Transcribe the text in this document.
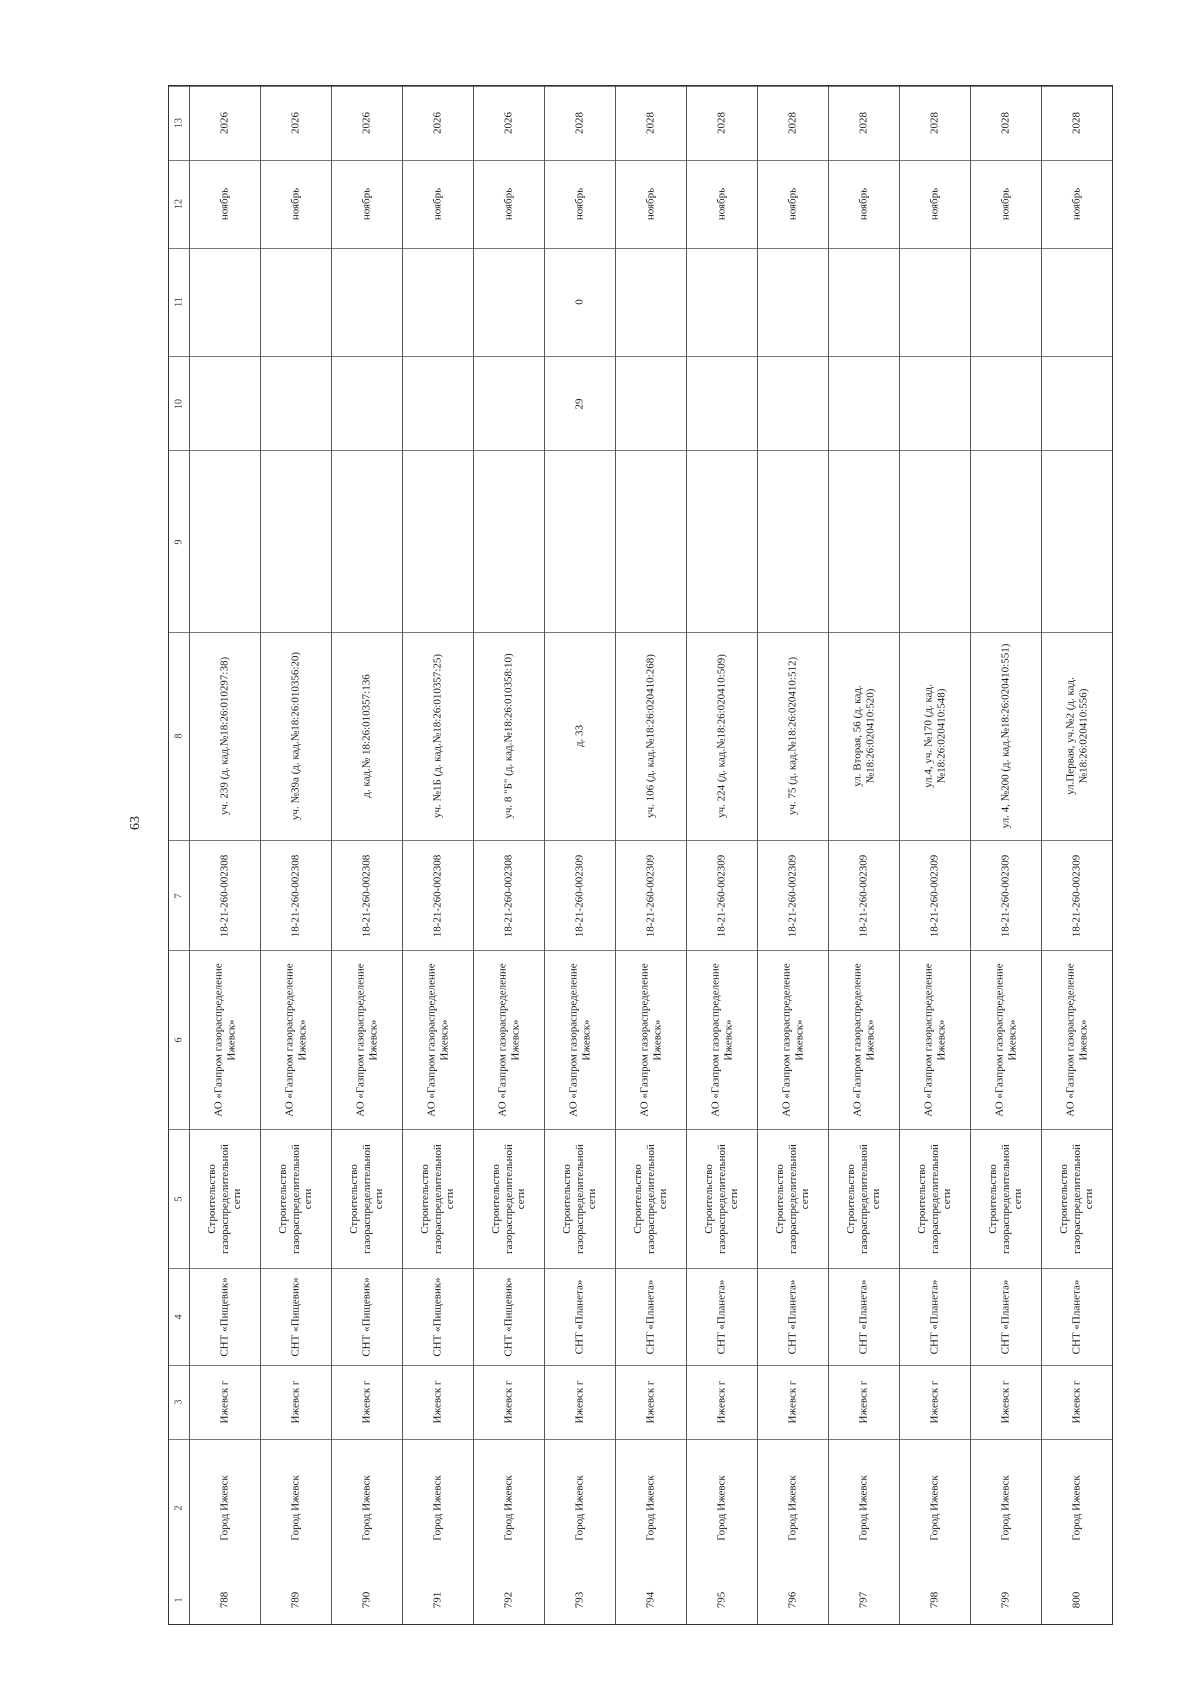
63
1
2
3
4
5
6
7
8
9
10
11
12
13
788
Город Ижевск
Ижевск г
СНТ «Пищевик»
Строительство газораспределительной сети
АО «Газпром газораспределение Ижевск»
18-21-260-002308
уч. 239 (д. кад.№18:26:010297:38)
ноябрь
2026
789
Город Ижевск
Ижевск г
СНТ «Пищевик»
Строительство газораспределительной сети
АО «Газпром газораспределение Ижевск»
18-21-260-002308
уч. №39а (д. кад.№18:26:010356:20)
ноябрь
2026
790
Город Ижевск
Ижевск г
СНТ «Пищевик»
Строительство газораспределительной сети
АО «Газпром газораспределение Ижевск»
18-21-260-002308
д. кад.№ 18:26:010357:136
ноябрь
2026
791
Город Ижевск
Ижевск г
СНТ «Пищевик»
Строительство газораспределительной сети
АО «Газпром газораспределение Ижевск»
18-21-260-002308
уч. №1Б (д. кад.№18:26:010357:25)
ноябрь
2026
792
Город Ижевск
Ижевск г
СНТ «Пищевик»
Строительство газораспределительной сети
АО «Газпром газораспределение Ижевск»
18-21-260-002308
уч. 8 "Б" (д. кад.№18:26:010358:10)
ноябрь
2026
793
Город Ижевск
Ижевск г
СНТ «Планета»
Строительство газораспределительной сети
АО «Газпром газораспределение Ижевск»
18-21-260-002309
д. 33
29
0
ноябрь
2028
794
Город Ижевск
Ижевск г
СНТ «Планета»
Строительство газораспределительной сети
АО «Газпром газораспределение Ижевск»
18-21-260-002309
уч. 106 (д. кад.№18:26:020410:268)
ноябрь
2028
795
Город Ижевск
Ижевск г
СНТ «Планета»
Строительство газораспределительной сети
АО «Газпром газораспределение Ижевск»
18-21-260-002309
уч. 224 (д. кад.№18:26:020410:509)
ноябрь
2028
796
Город Ижевск
Ижевск г
СНТ «Планета»
Строительство газораспределительной сети
АО «Газпром газораспределение Ижевск»
18-21-260-002309
уч. 75 (д. кад.№18:26:020410:512)
ноябрь
2028
797
Город Ижевск
Ижевск г
СНТ «Планета»
Строительство газораспределительной сети
АО «Газпром газораспределение Ижевск»
18-21-260-002309
ул. Вторая, 56 (д. кад.№18:26:020410:520)
ноябрь
2028
798
Город Ижевск
Ижевск г
СНТ «Планета»
Строительство газораспределительной сети
АО «Газпром газораспределение Ижевск»
18-21-260-002309
ул.4, уч. №170 (д. кад.№18:26:020410:548)
ноябрь
2028
799
Город Ижевск
Ижевск г
СНТ «Планета»
Строительство газораспределительной сети
АО «Газпром газораспределение Ижевск»
18-21-260-002309
ул. 4, №200 (д. кад.№18:26:020410:551)
ноябрь
2028
800
Город Ижевск
Ижевск г
СНТ «Планета»
Строительство газораспределительной сети
АО «Газпром газораспределение Ижевск»
18-21-260-002309
ул.Первая, уч.№2 (д. кад.№18:26:020410:556)
ноябрь
2028
